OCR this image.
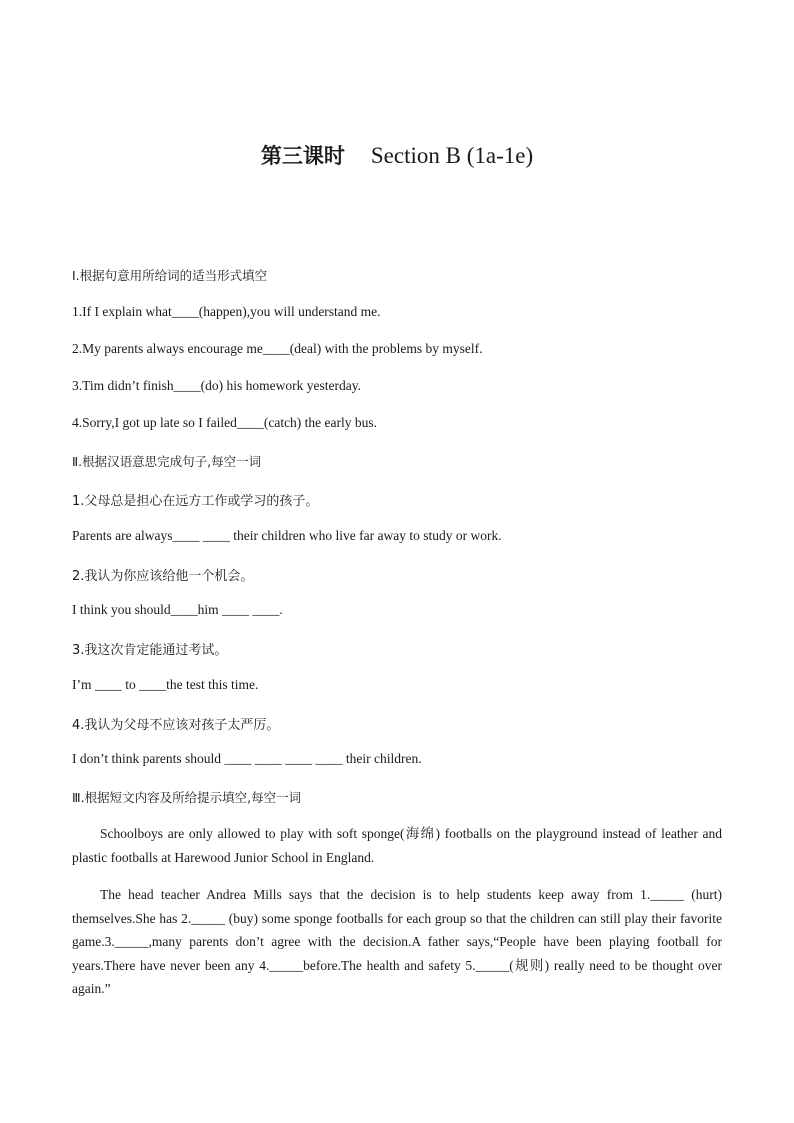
第三课时 Section B (1a-1e)
Ⅰ.根据句意用所给词的适当形式填空
1.If I explain what____(happen),you will understand me.
2.My parents always encourage me____(deal) with the problems by myself.
3.Tim didn’t finish____(do) his homework yesterday.
4.Sorry,I got up late so I failed____(catch) the early bus.
Ⅱ.根据汉语意思完成句子,每空一词
1.父母总是担心在远方工作或学习的孩子。
Parents are always____ ____ their children who live far away to study or work.
2.我认为你应该给他一个机会。
I think you should____him ____ ____.
3.我这次肯定能通过考试。
I’m ____ to ____the test this time.
4.我认为父母不应该对孩子太严厉。
I don’t think parents should ____ ____ ____ ____ their children.
Ⅲ.根据短文内容及所给提示填空,每空一词
Schoolboys are only allowed to play with soft sponge(海绵) footballs on the playground instead of leather and plastic footballs at Harewood Junior School in England.
The head teacher Andrea Mills says that the decision is to help students keep away from 1._____ (hurt) themselves.She has 2._____ (buy) some sponge footballs for each group so that the children can still play their favorite game.3._____,many parents don’t agree with the decision.A father says,“People have been playing football for years.There have never been any 4._____before.The health and safety 5._____(规则) really need to be thought over again.”
